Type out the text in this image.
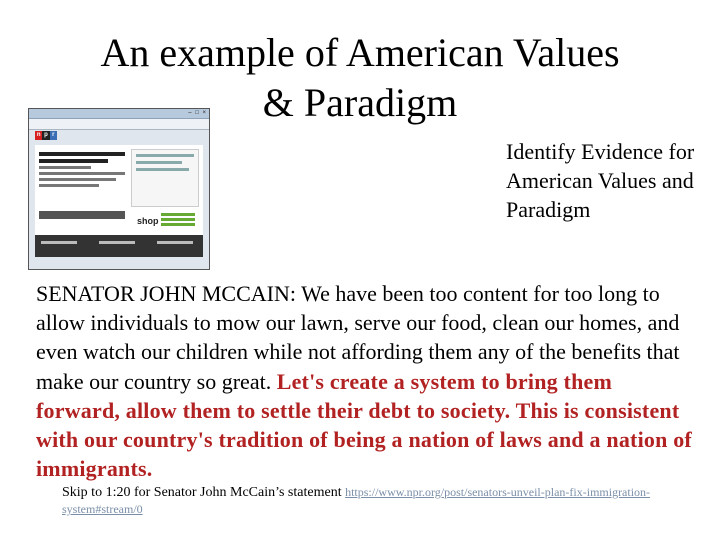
An example of American Values
& Paradigm
– □ ×
n p r
shop
Identify Evidence for American Values and Paradigm

SENATOR JOHN MCCAIN: We have been too content for too long to allow individuals to mow our lawn, serve our food, clean our homes, and even watch our children while not affording them any of the benefits that make our country so great. Let's create a system to bring them forward, allow them to settle their debt to society. This is consistent with our country's tradition of being a nation of laws and a nation of immigrants.

Skip to 1:20 for Senator John McCain’s statement https://www.npr.org/post/senators-unveil-plan-fix-immigration-system#stream/0
